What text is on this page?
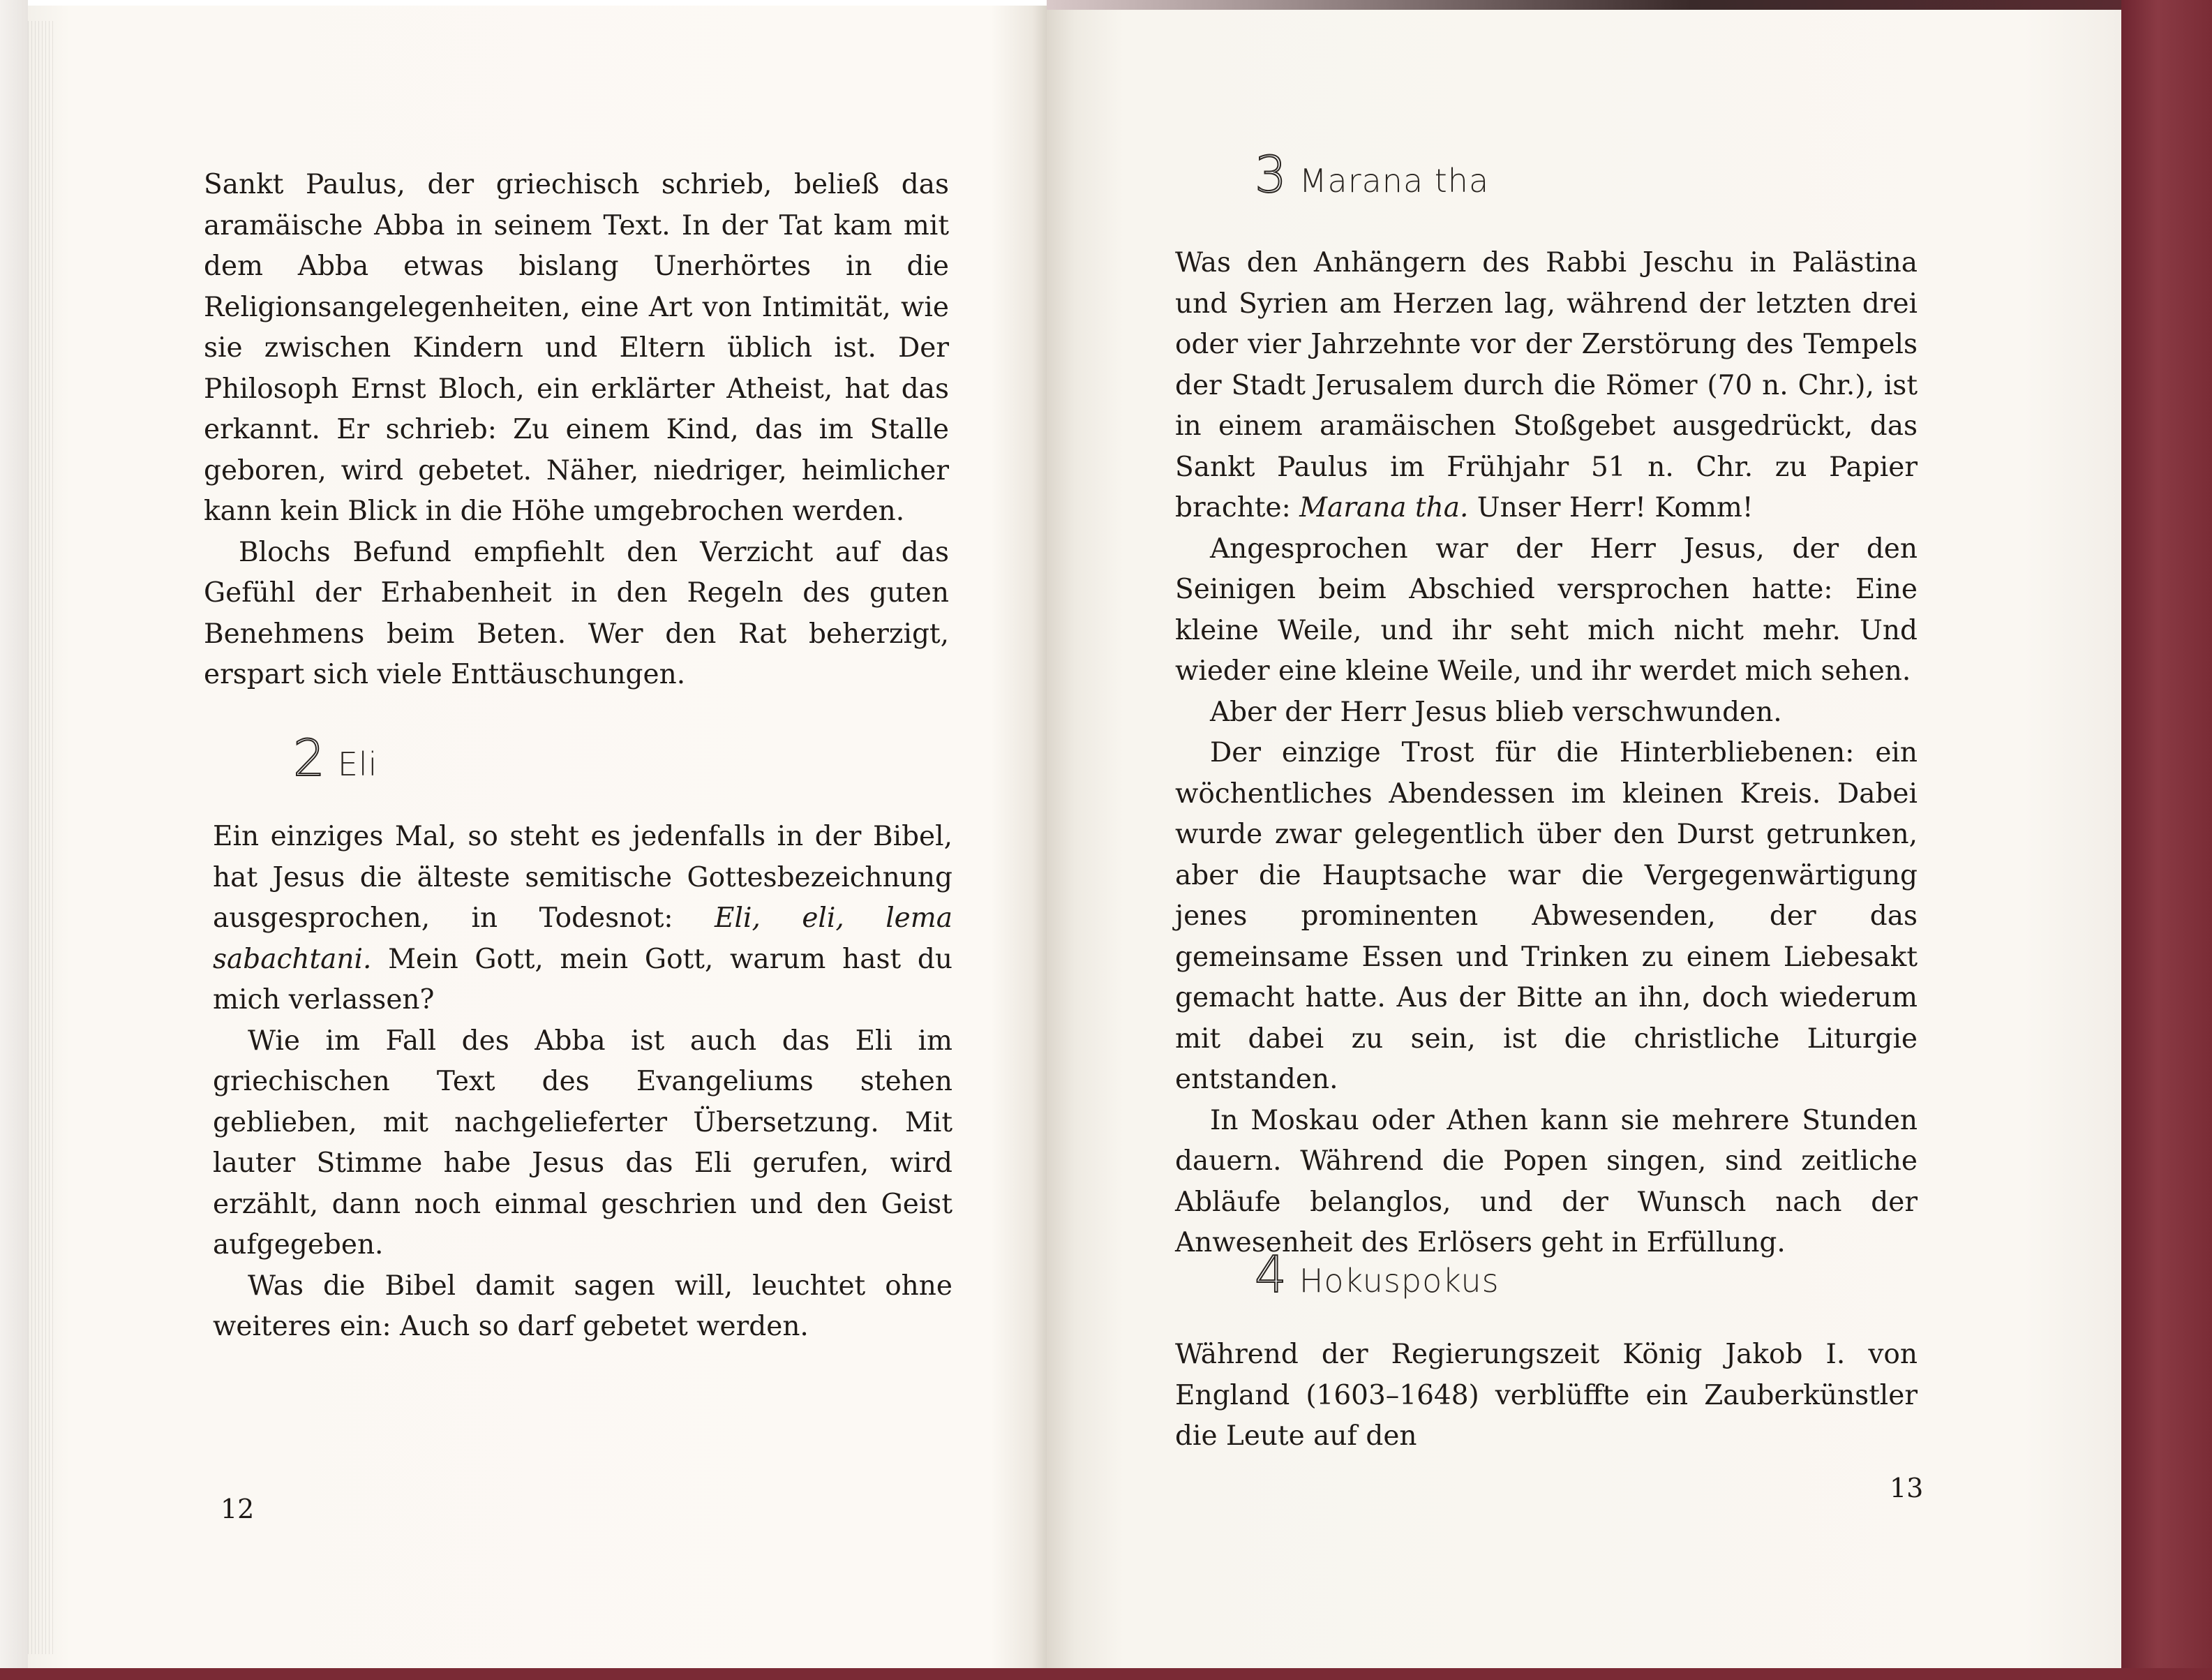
Sankt Paulus, der griechisch schrieb, beließ das aramäische Abba in seinem Text. In der Tat kam mit dem Abba etwas bislang Unerhörtes in die Religionsangelegenheiten, eine Art von Intimität, wie sie zwischen Kindern und Eltern üblich ist. Der Philosoph Ernst Bloch, ein erklärter Atheist, hat das erkannt. Er schrieb: Zu einem Kind, das im Stalle geboren, wird gebetet. Näher, niedriger, heimlicher kann kein Blick in die Höhe umgebrochen werden.

Blochs Befund empfiehlt den Verzicht auf das Gefühl der Erhabenheit in den Regeln des guten Benehmens beim Beten. Wer den Rat beherzigt, erspart sich viele Enttäuschungen.

2 Eli

Ein einziges Mal, so steht es jedenfalls in der Bibel, hat Jesus die älteste semitische Gottesbezeichnung ausgesprochen, in Todesnot: Eli, eli, lema sabachtani. Mein Gott, mein Gott, warum hast du mich verlassen?

Wie im Fall des Abba ist auch das Eli im griechischen Text des Evangeliums stehen geblieben, mit nachgelieferter Übersetzung. Mit lauter Stimme habe Jesus das Eli gerufen, wird erzählt, dann noch einmal geschrien und den Geist aufgegeben.

Was die Bibel damit sagen will, leuchtet ohne weiteres ein: Auch so darf gebetet werden.

12
3 Marana tha

Was den Anhängern des Rabbi Jeschu in Palästina und Syrien am Herzen lag, während der letzten drei oder vier Jahrzehnte vor der Zerstörung des Tempels der Stadt Jerusalem durch die Römer (70 n. Chr.), ist in einem aramäischen Stoßgebet ausgedrückt, das Sankt Paulus im Frühjahr 51 n. Chr. zu Papier brachte: Marana tha. Unser Herr! Komm!

Angesprochen war der Herr Jesus, der den Seinigen beim Abschied versprochen hatte: Eine kleine Weile, und ihr seht mich nicht mehr. Und wieder eine kleine Weile, und ihr werdet mich sehen.

Aber der Herr Jesus blieb verschwunden.

Der einzige Trost für die Hinterbliebenen: ein wöchentliches Abendessen im kleinen Kreis. Dabei wurde zwar gelegentlich über den Durst getrunken, aber die Hauptsache war die Vergegenwärtigung jenes prominenten Abwesenden, der das gemeinsame Essen und Trinken zu einem Liebesakt gemacht hatte. Aus der Bitte an ihn, doch wiederum mit dabei zu sein, ist die christliche Liturgie entstanden.

In Moskau oder Athen kann sie mehrere Stunden dauern. Während die Popen singen, sind zeitliche Abläufe belanglos, und der Wunsch nach der Anwesenheit des Erlösers geht in Erfüllung.

4 Hokuspokus

Während der Regierungszeit König Jakob I. von England (1603–1648) verblüffte ein Zauberkünstler die Leute auf den

13
